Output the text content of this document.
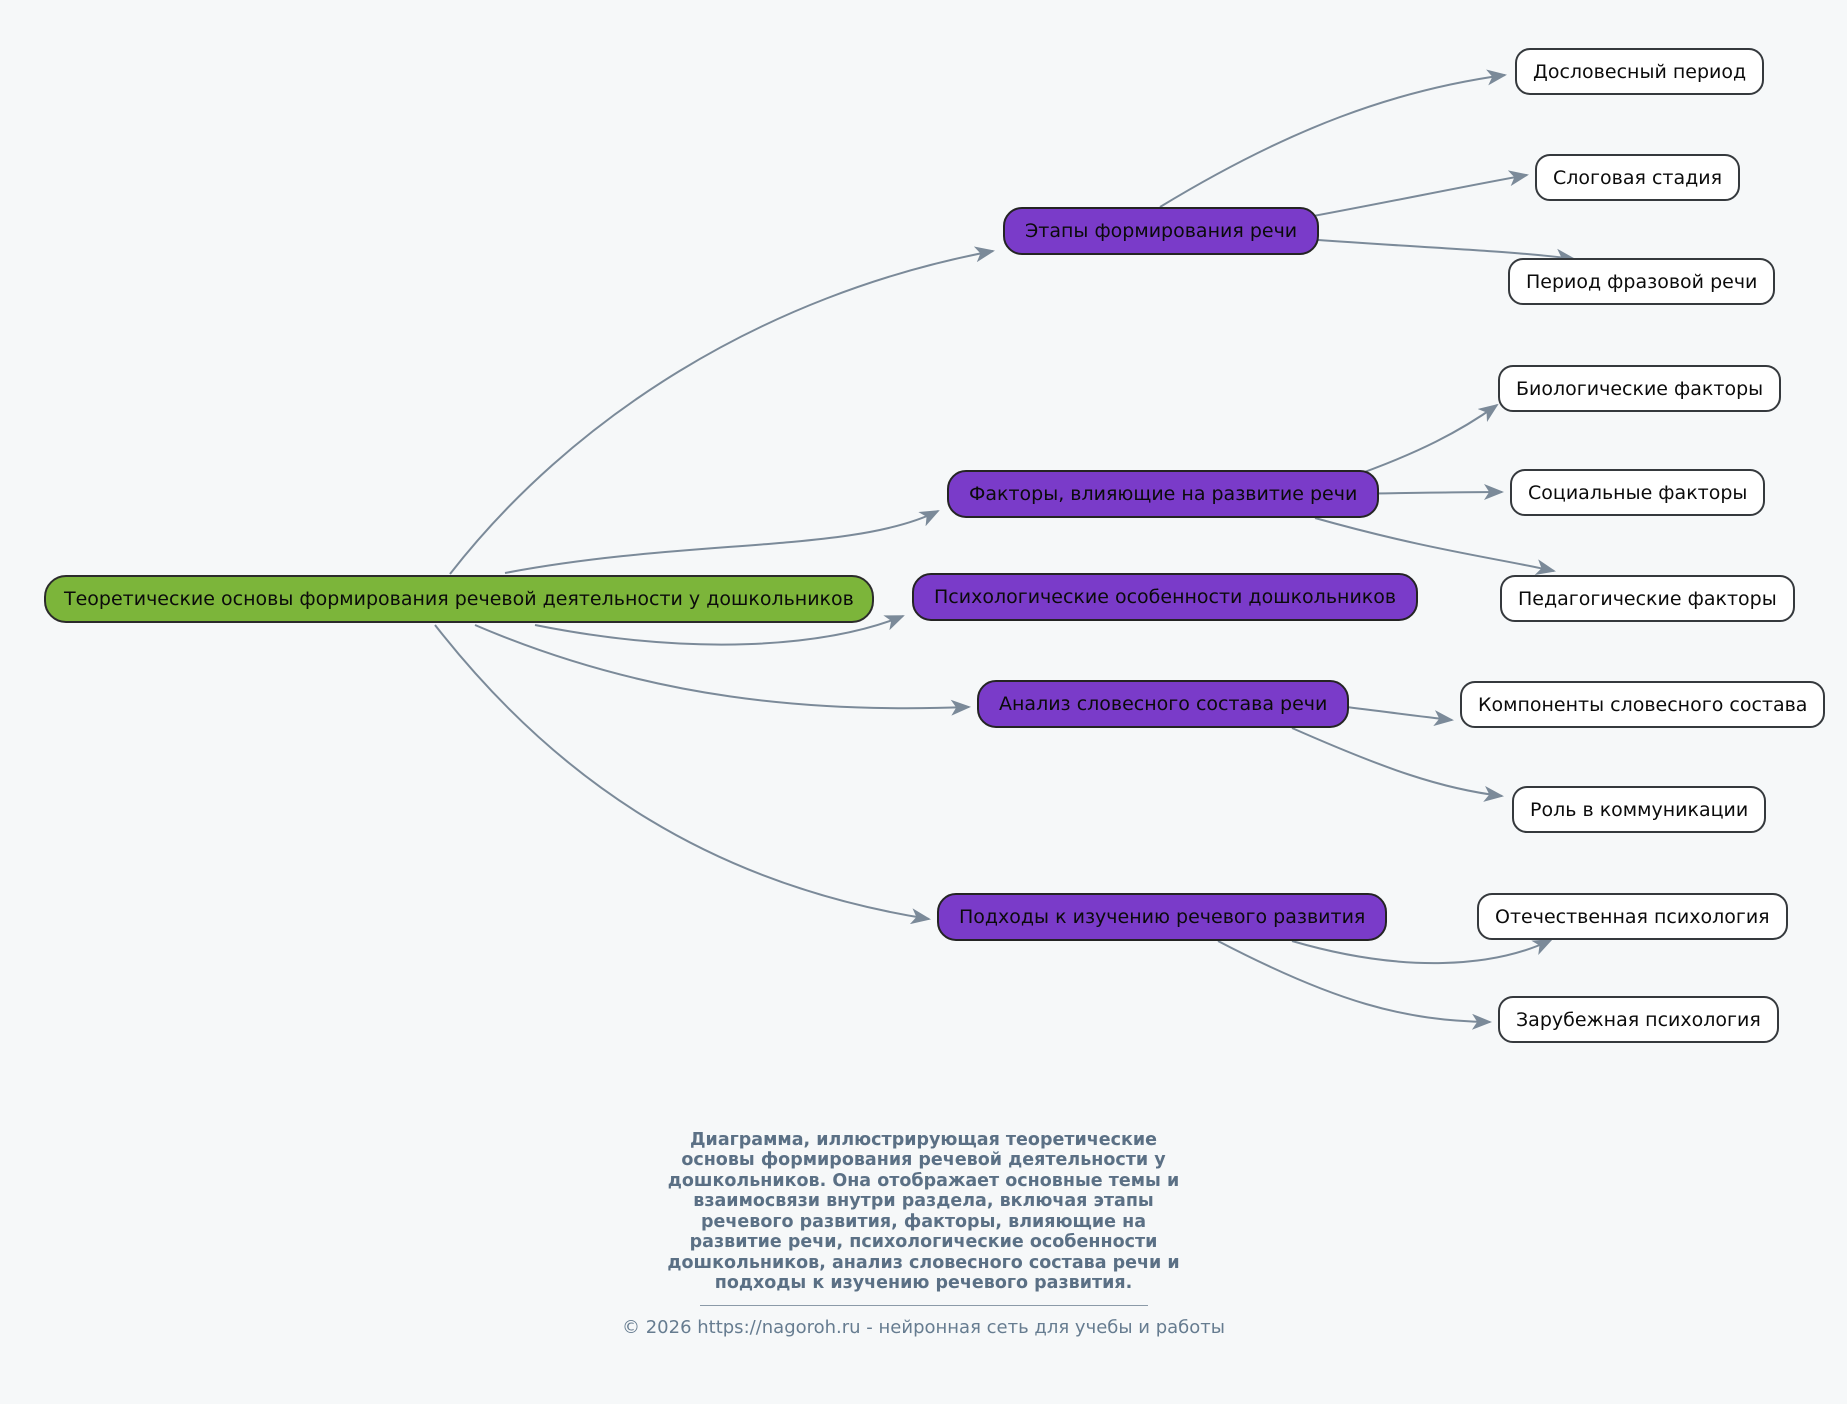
Теоретические основы формирования речевой деятельности у дошкольников
Этапы формирования речи
Факторы, влияющие на развитие речи
Психологические особенности дошкольников
Анализ словесного состава речи
Подходы к изучению речевого развития
Дословесный период
Слоговая стадия
Период фразовой речи
Биологические факторы
Социальные факторы
Педагогические факторы
Компоненты словесного состава
Роль в коммуникации
Отечественная психология
Зарубежная психология
Диаграмма, иллюстрирующая теоретические основы формирования речевой деятельности у дошкольников. Она отображает основные темы и взаимосвязи внутри раздела, включая этапы речевого развития, факторы, влияющие на развитие речи, психологические особенности дошкольников, анализ словесного состава речи и подходы к изучению речевого развития.
© 2026 https://nagoroh.ru - нейронная сеть для учебы и работы
